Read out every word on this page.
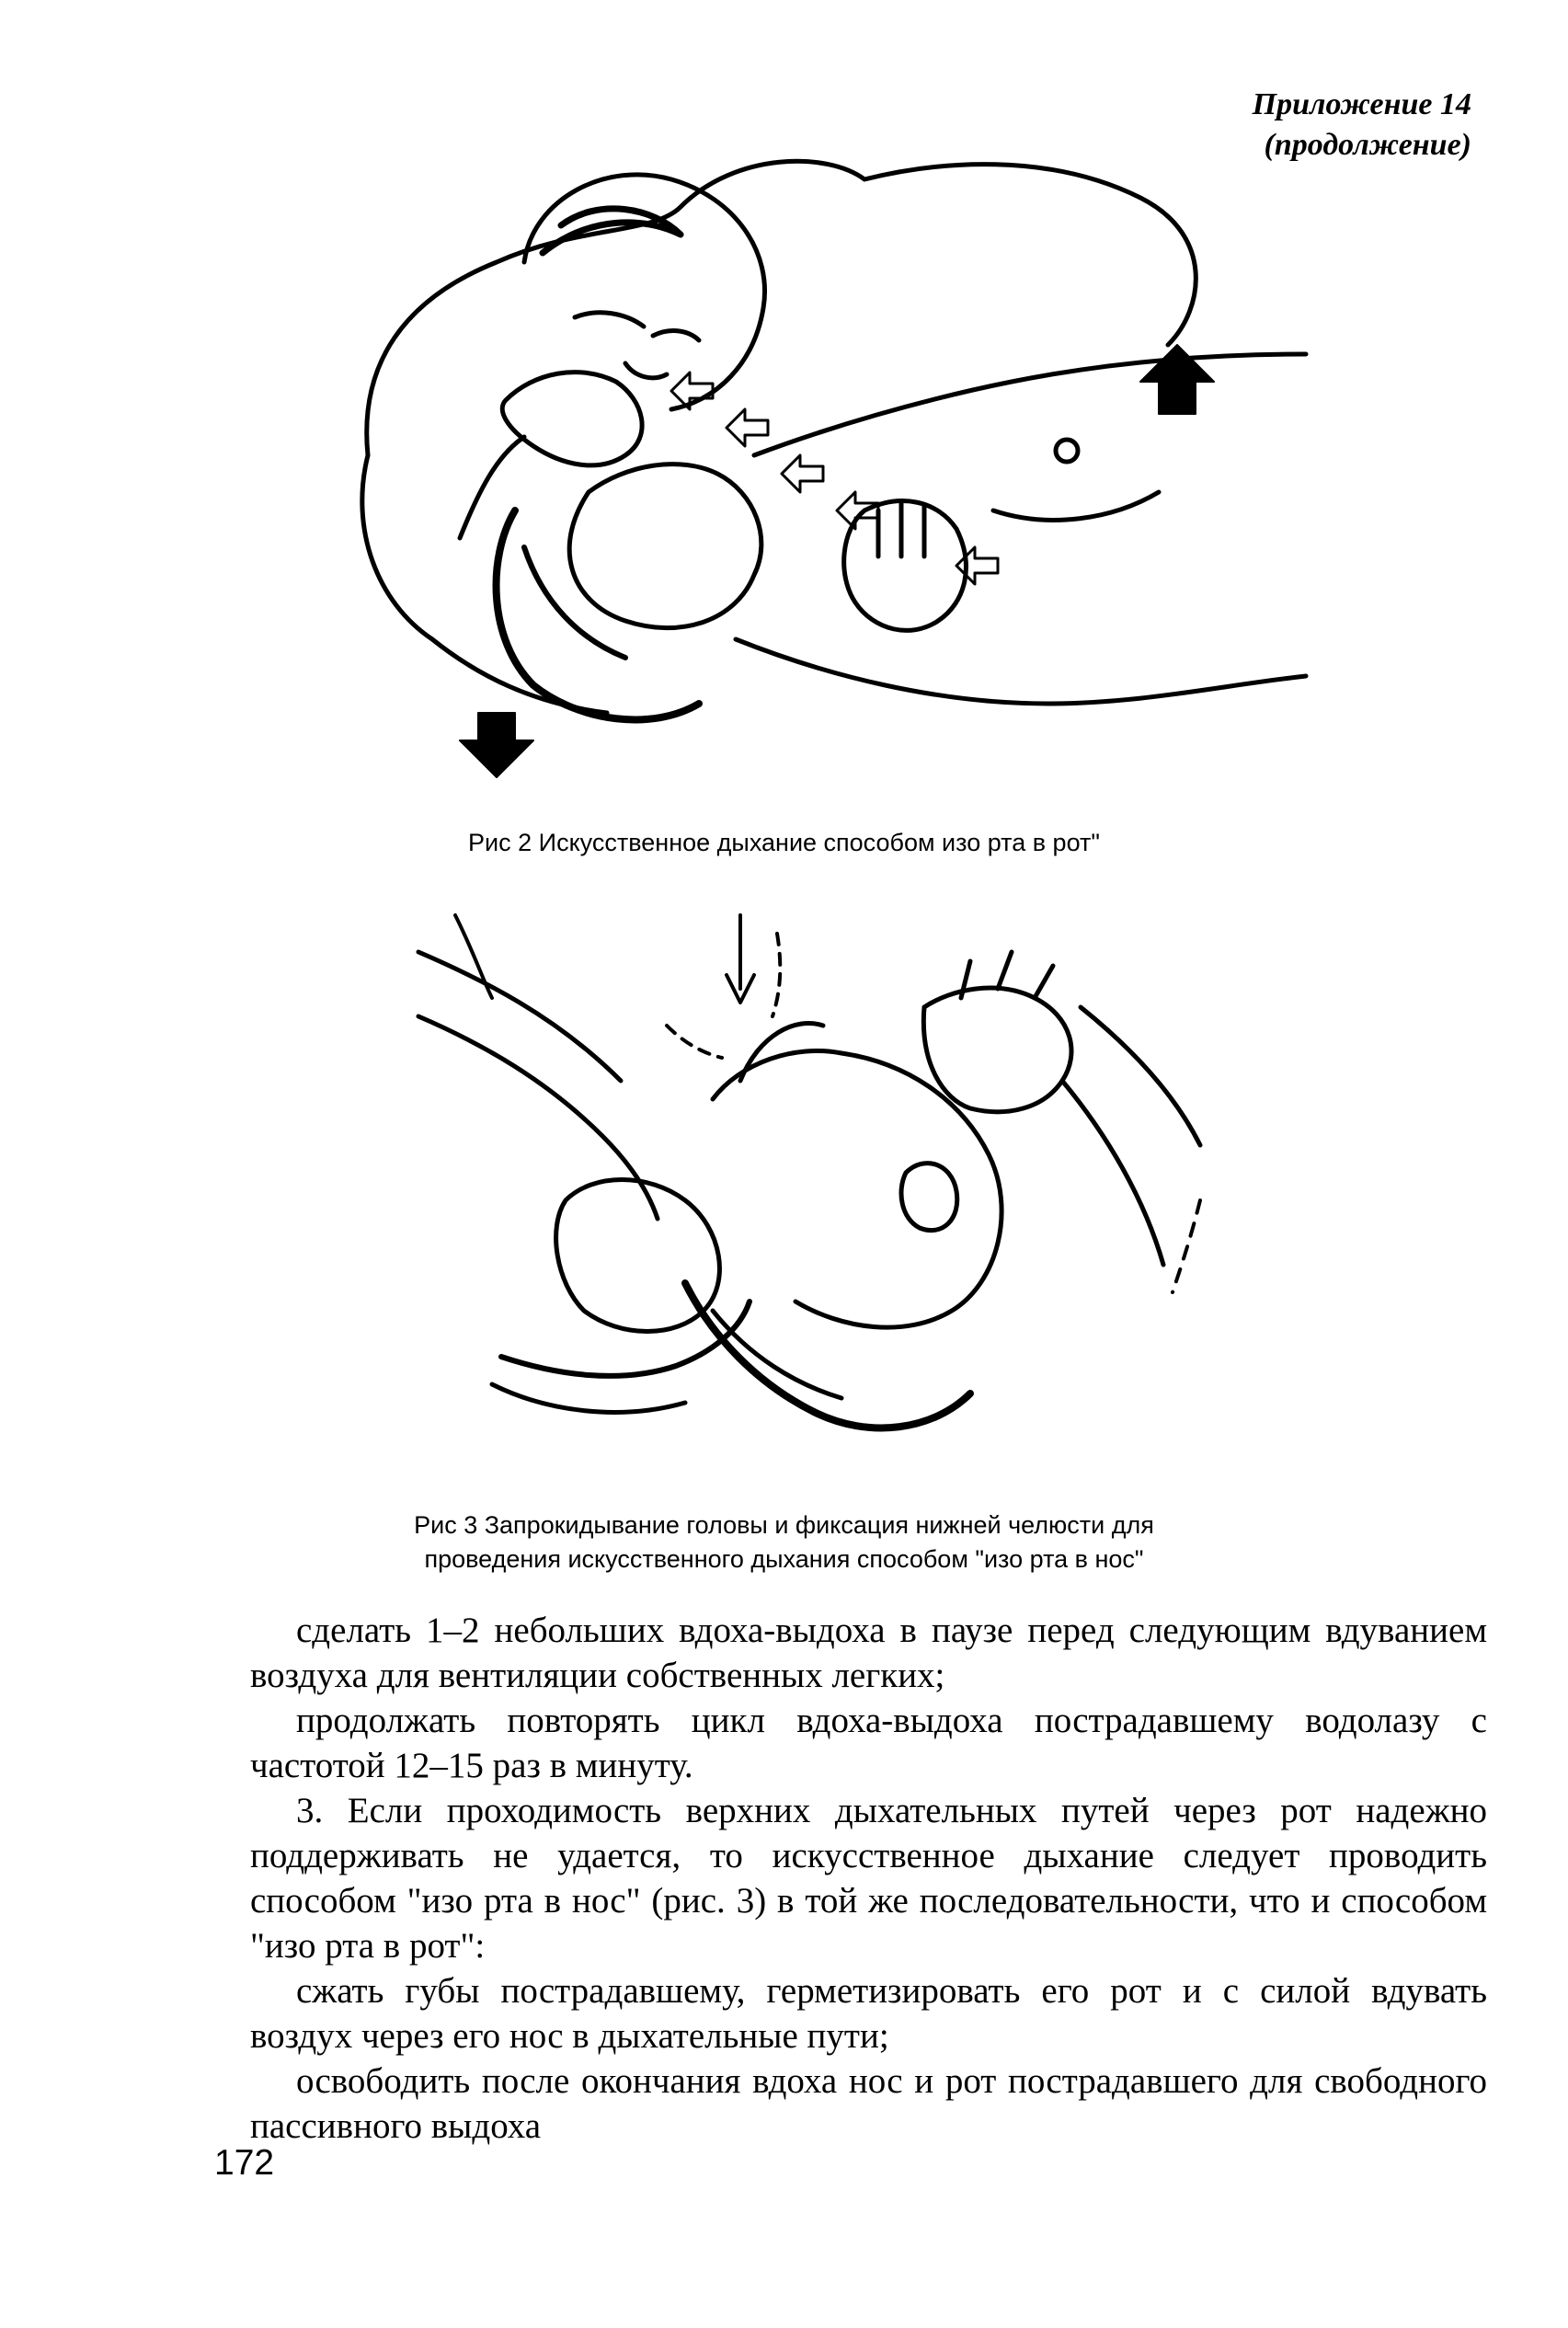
Приложение 14
(продолжение)
Рис 2 Искусственное дыхание способом изо рта в рот"
Рис 3 Запрокидывание головы и фиксация нижней челюсти для
проведения искусственного дыхания способом "изо рта в нос"

сделать 1–2 небольших вдоха-выдоха в паузе перед следующим вдуванием воздуха для вентиляции собственных легких;

продолжать повторять цикл вдоха-выдоха пострадавшему водолазу с частотой 12–15 раз в минуту.

3. Если проходимость верхних дыхательных путей через рот надежно поддерживать не удается, то искусственное дыхание следует проводить способом "изо рта в нос" (рис. 3) в той же последовательности, что и способом "изо рта в рот":

сжать губы пострадавшему, герметизировать его рот и с силой вдувать воздух через его нос в дыхательные пути;

освободить после окончания вдоха нос и рот пострадавшего для свободного пассивного выдоха

172
